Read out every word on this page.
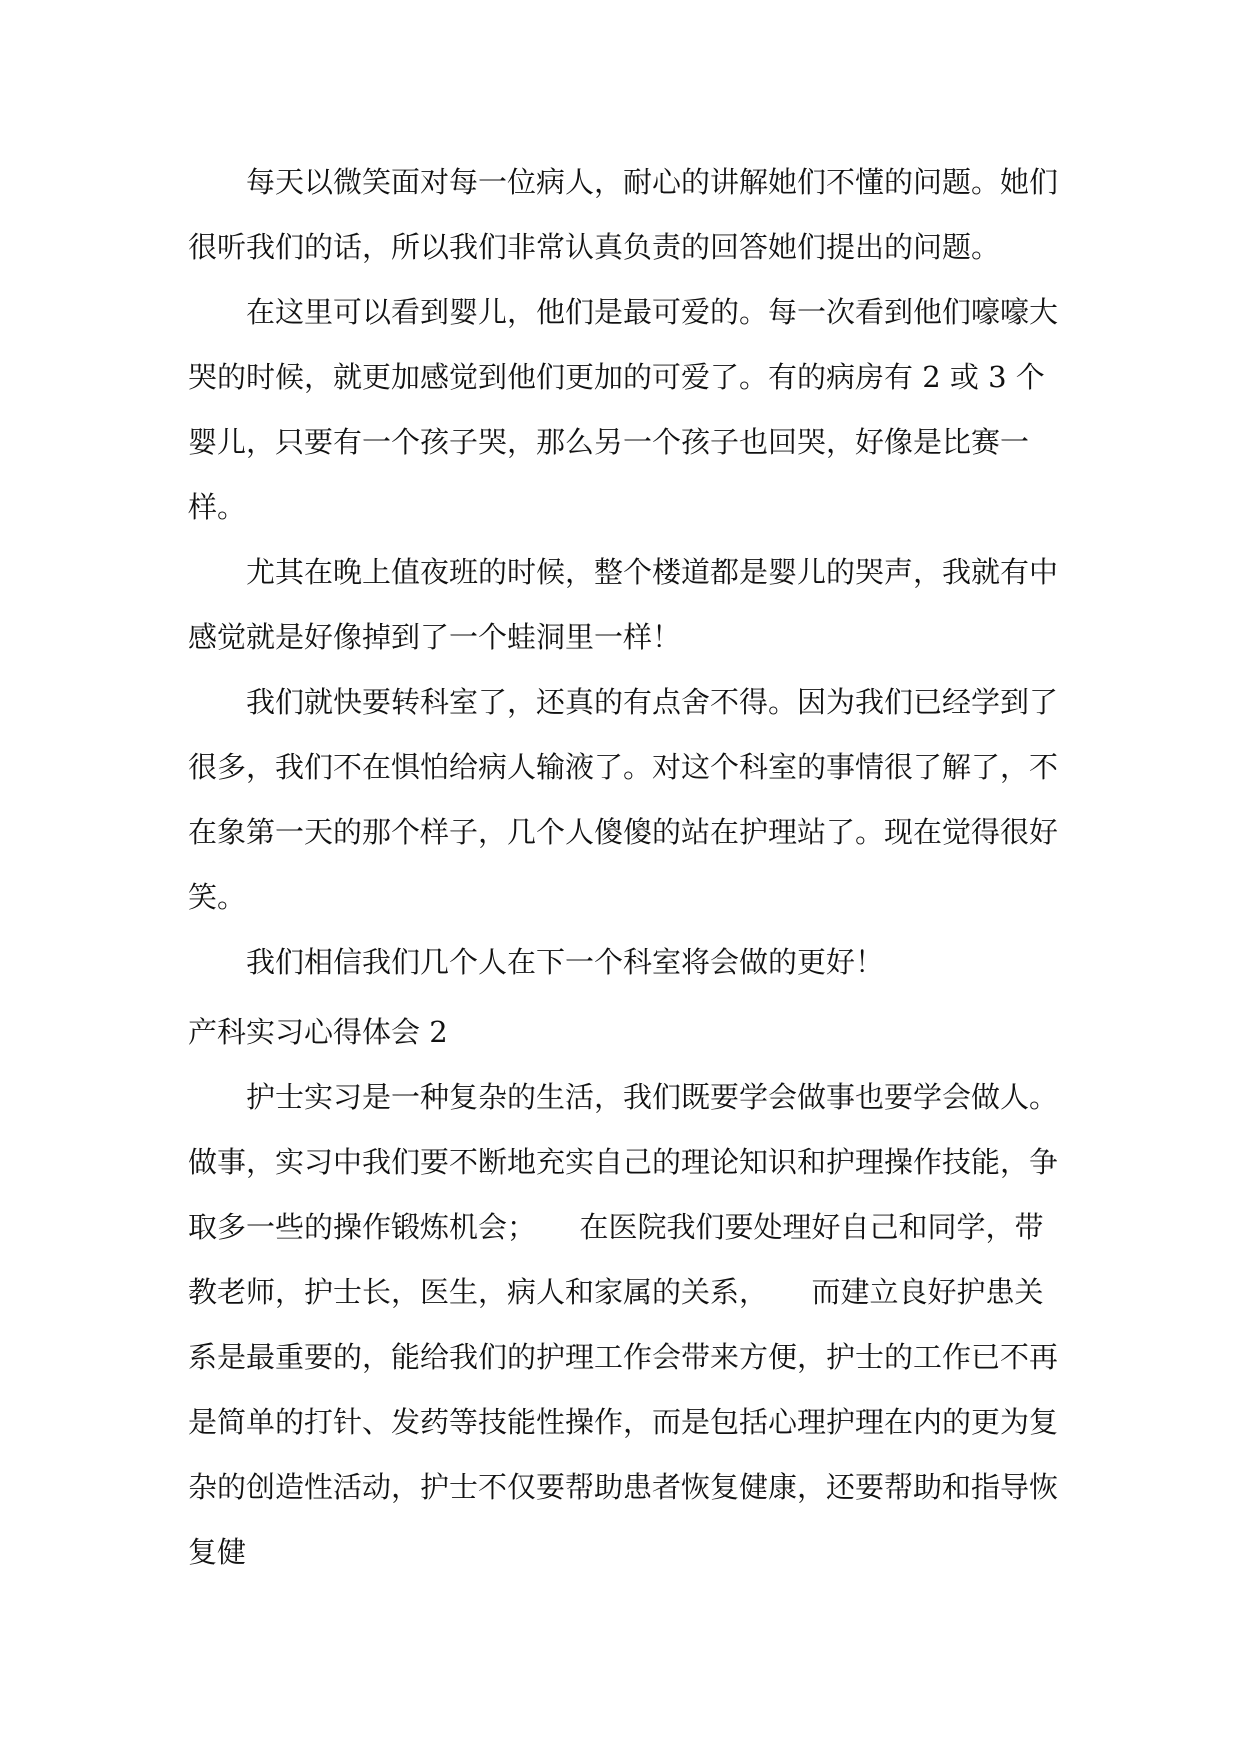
每天以微笑面对每一位病人，耐心的讲解她们不懂的问题。她们很听我们的话，所以我们非常认真负责的回答她们提出的问题。

在这里可以看到婴儿，他们是最可爱的。每一次看到他们嚎嚎大哭的时候，就更加感觉到他们更加的可爱了。有的病房有 2 或 3 个婴儿，只要有一个孩子哭，那么另一个孩子也回哭，好像是比赛一样。

尤其在晚上值夜班的时候，整个楼道都是婴儿的哭声，我就有中感觉就是好像掉到了一个蛙洞里一样！

我们就快要转科室了，还真的有点舍不得。因为我们已经学到了很多，我们不在惧怕给病人输液了。对这个科室的事情很了解了，不在象第一天的那个样子，几个人傻傻的站在护理站了。现在觉得很好笑。

我们相信我们几个人在下一个科室将会做的更好！

产科实习心得体会 2

护士实习是一种复杂的生活，我们既要学会做事也要学会做人。做事，实习中我们要不断地充实自己的理论知识和护理操作技能，争取多一些的操作锻炼机会；　　在医院我们要处理好自己和同学，带教老师，护士长，医生，病人和家属的关系，　　而建立良好护患关系是最重要的，能给我们的护理工作会带来方便，护士的工作已不再是简单的打针、发药等技能性操作，而是包括心理护理在内的更为复杂的创造性活动，护士不仅要帮助患者恢复健康，还要帮助和指导恢复健
